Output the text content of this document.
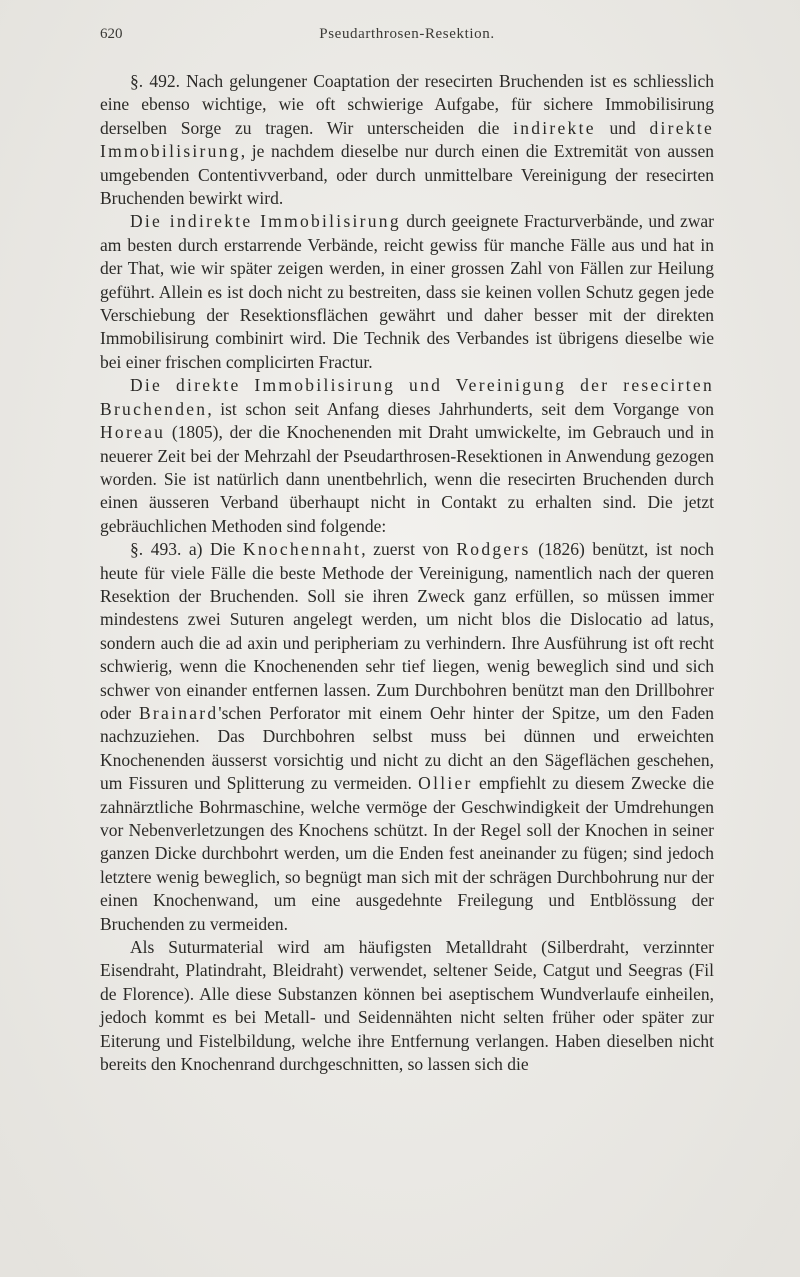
620	Pseudarthrosen-Resektion.

§. 492. Nach gelungener Coaptation der resecirten Bruchenden ist es schliesslich eine ebenso wichtige, wie oft schwierige Aufgabe, für sichere Immobilisirung derselben Sorge zu tragen. Wir unterscheiden die indirekte und direkte Immobilisirung, je nachdem dieselbe nur durch einen die Extremität von aussen umgebenden Contentivverband, oder durch unmittelbare Vereinigung der resecirten Bruchenden bewirkt wird.

Die indirekte Immobilisirung durch geeignete Fracturverbände, und zwar am besten durch erstarrende Verbände, reicht gewiss für manche Fälle aus und hat in der That, wie wir später zeigen werden, in einer grossen Zahl von Fällen zur Heilung geführt. Allein es ist doch nicht zu bestreiten, dass sie keinen vollen Schutz gegen jede Verschiebung der Resektionsflächen gewährt und daher besser mit der direkten Immobilisirung combinirt wird. Die Technik des Verbandes ist übrigens dieselbe wie bei einer frischen complicirten Fractur.

Die direkte Immobilisirung und Vereinigung der resecirten Bruchenden, ist schon seit Anfang dieses Jahrhunderts, seit dem Vorgange von Horeau (1805), der die Knochenenden mit Draht umwickelte, im Gebrauch und in neuerer Zeit bei der Mehrzahl der Pseudarthrosen-Resektionen in Anwendung gezogen worden. Sie ist natürlich dann unentbehrlich, wenn die resecirten Bruchenden durch einen äusseren Verband überhaupt nicht in Contakt zu erhalten sind. Die jetzt gebräuchlichen Methoden sind folgende:

§. 493. a) Die Knochennaht, zuerst von Rodgers (1826) benützt, ist noch heute für viele Fälle die beste Methode der Vereinigung, namentlich nach der queren Resektion der Bruchenden. Soll sie ihren Zweck ganz erfüllen, so müssen immer mindestens zwei Suturen angelegt werden, um nicht blos die Dislocatio ad latus, sondern auch die ad axin und peripheriam zu verhindern. Ihre Ausführung ist oft recht schwierig, wenn die Knochenenden sehr tief liegen, wenig beweglich sind und sich schwer von einander entfernen lassen. Zum Durchbohren benützt man den Drillbohrer oder Brainard'schen Perforator mit einem Oehr hinter der Spitze, um den Faden nachzuziehen. Das Durchbohren selbst muss bei dünnen und erweichten Knochenenden äusserst vorsichtig und nicht zu dicht an den Sägeflächen geschehen, um Fissuren und Splitterung zu vermeiden. Ollier empfiehlt zu diesem Zwecke die zahnärztliche Bohrmaschine, welche vermöge der Geschwindigkeit der Umdrehungen vor Nebenverletzungen des Knochens schützt. In der Regel soll der Knochen in seiner ganzen Dicke durchbohrt werden, um die Enden fest aneinander zu fügen; sind jedoch letztere wenig beweglich, so begnügt man sich mit der schrägen Durchbohrung nur der einen Knochenwand, um eine ausgedehnte Freilegung und Entblössung der Bruchenden zu vermeiden.

Als Suturmaterial wird am häufigsten Metalldraht (Silberdraht, verzinnter Eisendraht, Platindraht, Bleidraht) verwendet, seltener Seide, Catgut und Seegras (Fil de Florence). Alle diese Substanzen können bei aseptischem Wundverlaufe einheilen, jedoch kommt es bei Metall- und Seidennähten nicht selten früher oder später zur Eiterung und Fistelbildung, welche ihre Entfernung verlangen. Haben dieselben nicht bereits den Knochenrand durchgeschnitten, so lassen sich die
